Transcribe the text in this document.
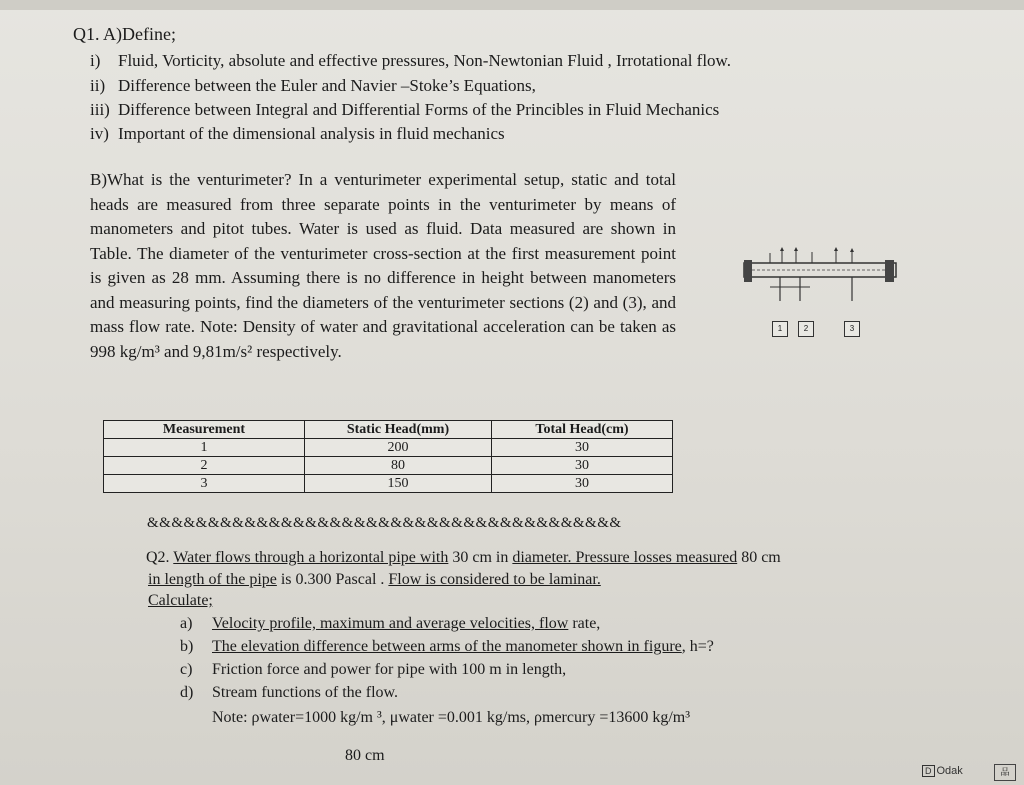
Q1. A)Define;
i) Fluid, Vorticity, absolute and effective pressures, Non-Newtonian Fluid , Irrotational flow.
ii) Difference between the Euler and Navier –Stoke’s Equations,
iii) Difference between Integral and Differential Forms of the Princibles in Fluid Mechanics
iv) Important of the dimensional analysis in fluid mechanics

B)What is the venturimeter? In a venturimeter experimental setup, static and total heads are measured from three separate points in the venturimeter by means of manometers and pitot tubes. Water is used as fluid. Data measured are shown in Table. The diameter of the venturimeter cross-section at the first measurement point is given as 28 mm. Assuming there is no difference in height between manometers and measuring points, find the diameters of the venturimeter sections (2) and (3), and mass flow rate. Note: Density of water and gravitational acceleration can be taken as 998 kg/m³ and 9,81m/s² respectively.

1	2	3
Measurement	Static Head(mm)	Total Head(cm)
1	200	30
2	80	30
3	150	30
&&&&&&&&&&&&&&&&&&&&&&&&&&&&&&&&&&&&&&&
Q2. Water flows through a horizontal pipe with 30 cm in diameter. Pressure losses measured 80 cm
in length of the pipe is 0.300 Pascal . Flow is considered to be laminar.
Calculate;
a) Velocity profile, maximum and average velocities, flow rate,
b) The elevation difference between arms of the manometer shown in figure, h=?
c) Friction force and power for pipe with 100 m in length,
d) Stream functions of the flow.
Note: ρwater=1000 kg/m ³, μwater =0.001 kg/ms, ρmercury =13600 kg/m³
80 cm
D Odak	品
